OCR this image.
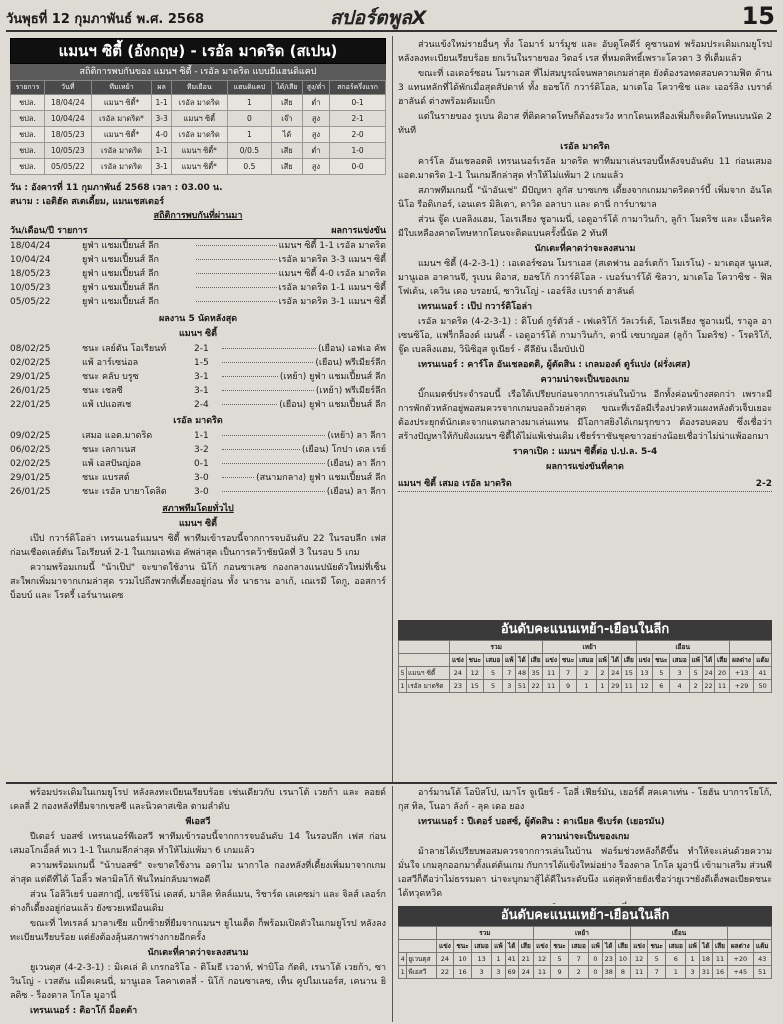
วันพุธที่ 12 กุมภาพันธ์ พ.ศ. 2568	สปอร์ตพูลX	15
แมนฯ ซิตี้ (อังกฤษ) - เรอัล มาดริด (สเปน)
สถิติการพบกันของ แมนฯ ซิตี้ - เรอัล มาดริด แบบมีแฮนดิแคป
รายการ	วันที่	ทีมเหย้า	ผล	ทีมเยือน	แฮนดิแคป	ได้/เสีย	สูง/ต่ำ	สกอร์ครึ่งแรก
ชปล.	18/04/24	แมนฯ ซิตี้*	1-1	เรอัล มาดริด	1	เสีย	ต่ำ	0-1
ชปล.	10/04/24	เรอัล มาดริด*	3-3	แมนฯ ซิตี้	0	เจ๊า	สูง	2-1
ชปล.	18/05/23	แมนฯ ซิตี้*	4-0	เรอัล มาดริด	1	ได้	สูง	2-0
ชปล.	10/05/23	เรอัล มาดริด	1-1	แมนฯ ซิตี้*	0/0.5	เสีย	ต่ำ	1-0
ชปล.	05/05/22	เรอัล มาดริด	3-1	แมนฯ ซิตี้*	0.5	เสีย	สูง	0-0
วัน : อังคารที่ 11 กุมภาพันธ์ 2568 เวลา : 03.00 น.
สนาม : เอติฮัด สเตเดี้ยม, แมนเชสเตอร์
สถิติการพบกันที่ผ่านมา
วัน/เดือน/ปี รายการ	ผลการแข่งขัน
18/04/24	ยูฟ่า แชมเปี้ยนส์ ลีก	แมนฯ ซิตี้ 1-1 เรอัล มาดริด
10/04/24	ยูฟ่า แชมเปี้ยนส์ ลีก	เรอัล มาดริด 3-3 แมนฯ ซิตี้
18/05/23	ยูฟ่า แชมเปี้ยนส์ ลีก	แมนฯ ซิตี้ 4-0 เรอัล มาดริด
10/05/23	ยูฟ่า แชมเปี้ยนส์ ลีก	เรอัล มาดริด 1-1 แมนฯ ซิตี้
05/05/22	ยูฟ่า แชมเปี้ยนส์ ลีก	เรอัล มาดริด 3-1 แมนฯ ซิตี้
ผลงาน 5 นัดหลังสุด
แมนฯ ซิตี้
08/02/25	ชนะ เลย์ตัน โอเรียนท์	2-1	(เยือน) เอฟเอ คัพ
02/02/25	แพ้ อาร์เซน่อล	1-5	(เยือน) พรีเมียร์ลีก
29/01/25	ชนะ คลับ บรูซ	3-1	(เหย้า) ยูฟ่า แชมเปี้ยนส์ ลีก
26/01/25	ชนะ เชลซี	3-1	(เหย้า) พรีเมียร์ลีก
22/01/25	แพ้ เปแอสเช	2-4	(เยือน) ยูฟ่า แชมเปี้ยนส์ ลีก
เรอัล มาดริด
09/02/25	เสมอ แอต.มาดริด	1-1	(เหย้า) ลา ลีกา
06/02/25	ชนะ เลกาเนส	3-2	(เยือน) โกปา เดล เรย์
02/02/25	แพ้ เอสปันญ่อล	0-1	(เยือน) ลา ลีกา
29/01/25	ชนะ แบรสต์	3-0	(สนามกลาง) ยูฟ่า แชมเปี้ยนส์ ลีก
26/01/25	ชนะ เรอัล บายาโดลิด	3-0	(เยือน) ลา ลีกา
สภาพทีมโดยทั่วไป
แมนฯ ซิตี้

เป๊ป กวาร์ดิโอล่า เทรนเนอร์แมนฯ ซิตี้ พาทีมเข้ารอบนี้จากการจบอันดับ 22 ในรอบลีก เฟส ก่อนเชือดเลย์ตัน โอเรียนท์ 2-1 ในเกมเอฟเอ คัพล่าสุด เป็นการคว้าชัยนัดที่ 3 ในรอบ 5 เกม

ความพร้อมเกมนี้ "น้าเป๊ป" จะขาดใช้งาน นิโก้ กอนซาเลซ กองกลางแนปนัยตัวใหม่ที่เซ็นสะใพกเพิ่มมาจากเกมล่าสุด รวมไปถึงพวกที่เดี้ยงอยู่ก่อน ทั้ง นาธาน อาเก้, เณเรมี โดกู, ออสการ์ บ็อบบ์ และ โรดรี้ เอร์นานเดซ

ส่วนแข้งใหม่รายอื่นๆ ทั้ง โอมาร์ มาร์มูช และ อับดูโคดีร์ คูซานอฟ พร้อมประเดิมเกมยูโรป หลังลงทะเบียนเรียบร้อย ยกเว้นในรายของ วิตอร์ เรส ที่หมดสิทธิ์เพราะโควตา 3 ที่เต็มแล้ว

ขณะที่ เอเดอร์ซอน โมราเอส ที่ไม่สมบูรณ์จนพลาดเกมล่าสุด ยังต้องรอทดสอบความฟิต ด้าน 3 แทนหลักที่ได้พักเมื่อสุดสัปดาห์ ทั้ง ยอชโก้ กวาร์ดิโอล, มาเตโอ โควาซิช และ เออร์ลิง เบราต์ ฮาลันด์ ต่างพร้อมคัมแบ็ก

แต่ในรายของ รูเบน ดิอาส ที่ติดคาดโทษก็ต้องระวัง หากโดนเหลืองเพิ่มก็จะติดโทษแบนนัด 2 ทันที

เรอัล มาดริด

คาร์โล อันเชลอตติ เทรนเนอร์เรอัล มาดริด พาทีมมาเล่นรอบนี้หลังจบอันดับ 11 ก่อนเสมอแอต.มาดริด 1-1 ในเกมลีกล่าสุด ทำให้ไม่แพ้มา 2 เกมแล้ว

สภาพทีมเกมนี้ "น้าอันเช่" มีปัญหา ลูกัส บาซเกซ เดี้ยงจากเกมมาดริดดาร์บี้ เพิ่มจาก อันโตนิโอ รือดิเกอร์, เอนเดร มิลิเตา, ดาวิด อลาบา และ ดานี่ การ์บาฆาล

ส่วน จู๊ด เบลลิงแฮม, โอเรเลียง ชูอาเมนี่, เอดูอาร์โด้ กามาวินก้า, ลูก้า โมดริช และ เอ็นดริค มีใบเหลืองคาดโทษหากโดนจะติดแบนครั้งนี้นัด 2 ทันที

นักเตะที่คาดว่าจะลงสนาม

แมนฯ ซิตี้ (4-2-3-1) : เอเดอร์ซอน โมราเอส (สเตฟาน ออร์เตก้า โมเรโน) - มาเตอุส นูเนส, มานูเอล อาคานจี, รูเบน ดิอาส, ยอชโก้ กวาร์ดิโอล - เบอร์นาร์โด้ ซิลวา, มาเตโอ โควาซิช - ฟิล โฟเด้น, เควิน เดอ บรอยน์, ซาวินโญ่ - เออร์ลิง เบราต์ ฮาลันด์

เทรนเนอร์ : เป๊ป กวาร์ดิโอล่า

เรอัล มาดริด (4-2-3-1) : ติโบต์ กูร์ตัวส์ - เฟเดริโก้ วัลเวร์เด้, โอเรเลียง ชูอาเมนี่, ราอูล อาเซนซิโอ, แฟร็กล็องด์ เมนดี้ - เอดูอาร์โด้ กามาวินก้า, ดานี่ เซบาญอส (ลูก้า โมดริช) - โรดริโก้, จู๊ด เบลลิงแฮม, วินิซิอุส จูเนียร์ - คีลียัน เอ็มบัปเป้

เทรนเนอร์ : คาร์โล อันเชลอตติ, ผู้ตัดสิน : เกลมองต์ ตูร์แปง (ฝรั่งเศส)

ความน่าจะเป็นของเกม

บิ๊กแมตช์ประจำรอบนี้ เรือใต้เปรียบก่อนจากการเล่นในบ้าน อีกทั้งค่อนข้างสดกว่า เพราะมีการพักตัวหลักอยู่พอสมควรจากเกมบอลถ้วยล่าสุด ขณะที่เรอัลมีเรื่องปวดหัวแผงหลังตัวเจ็บเยอะต้องประยุกต์นักเตะจากแดนกลางมาเล่นแทน มีโอกาสยิงได้เกมรุกขาว ต้องรอบคอบ ซึ่งเชื่อว่าสร้างปัญหาให้กับฝั่งแมนฯ ซิตี้ได้ไม่แพ้เช่นเดิม เชียร์ราชันชุดขาวอย่างน้อยเชื่อว่าไม่น่าแพ้ออกมา

ราคาเปิด : แมนฯ ซิตี้ต่อ ป.ป.ล. 5-4
ผลการแข่งขันที่คาด
แมนฯ ซิตี้ เสมอ เรอัล มาดริด	2-2
อันดับคะแนนเหย้า-เยือนในลีก
		รวม						เหย้า						เยือน							
		แข่ง	ชนะ	เสมอ	แพ้	ได้	เสีย	แข่ง	ชนะ	เสมอ	แพ้	ได้	เสีย	แข่ง	ชนะ	เสมอ	แพ้	ได้	เสีย	ผลต่าง	แต้ม
5	แมนฯ ซิตี้	24	12	5	7	48	35	11	7	2	2	24	15	13	5	3	5	24	20	+13	41
1	เรอัล มาดริด	23	15	5	3	51	22	11	9	1	1	29	11	12	6	4	2	22	11	+29	50

พร้อมประเดิมในเกมยูโรป หลังลงทะเบียนเรียบร้อย เช่นเดียวกับ เรนาโต้ เวยก้า และ ลอยด์ เคลลี่ 2 กองหลังที่ยืมจากเชลซี และนิวคาสเซิล ตามลำดับ

พีเอสวี

ปีเตอร์ บอสซ์ เทรนเนอร์พีเอสวี พาทีมเข้ารอบนี้จากการจบอันดับ 14 ในรอบลีก เฟส ก่อนเสมอโกเอิ้ลส์ ทเว 1-1 ในเกมลีกล่าสุด ทำให้ไม่แพ้มา 6 เกมแล้ว

ความพร้อมเกมนี้ "น้าบอสซ์" จะขาดใช้งาน อดาไม นากาไล กองหลังที่เดี้ยงเพิ่มมาจากเกมล่าสุด แต่ดีที่ได้ โอลิ้ว ฟลามิลโก้ ฟันใหม่กลับมาพอดี

ส่วน โอลิวิเยร์ บอสกาญี่, แซร์จิโน่ เดสต์, มาลิค ทิลล์แมน, ริชาร์ด เลเดซม่า และ จิลส์ เลอร์ก ต่างก็เดี้ยงอยู่ก่อนแล้ว ยังซวยเหมือนเดิม

ขณะที่ ไทเรลล์ มาลาเซีย แบ็กซ้ายที่ยืมจากแมนฯ ยูไนเต็ด ก็พร้อมเปิดตัวในเกมยูโรป หลังลงทะเบียนเรียบร้อย แต่ยังต้องลุ้นสภาพร่างกายอีกครั้ง

นักเตะที่คาดว่าจะลงสนาม

ยูเวนตุส (4-2-3-1) : มิเคเล่ ดิ เกรกอริโอ - ติโมธี เวอาห์, ฟาบิโอ กัตติ, เรนาโต้ เวยก้า, ซาวินโญ่ - เวสตัน แม็คเคนนี่, มานูเอล โลคาเตลลี่ - นิโก้ กอนซาเลซ, เท็น คูปไมเนอร์ส, เคนาน ยิลดิซ - ร็องดาล โกโล มูอานี่

เทรนเนอร์ : ติอาโก้ ม็อตต้า

อาร์มานโด้ โอบิสโป, เมาโร จูเนียร์ - โอลี่ เฟียร์มัน, เยอร์ดี้ สคเคาเท่น - โยฮัน บาการโยโก้, กุส ทิล, โนอา ลังก์ - ลุค เดอ ยอง

เทรนเนอร์ : ปีเตอร์ บอสซ์, ผู้ตัดสิน : ดาเนียล ซีเบร์ต (เยอรมัน)

ความน่าจะเป็นของเกม

ม้าลายได้เปรียบพอสมควรจากการเล่นในบ้าน ฟอร์มช่วงหลังก็ดีขึ้น ทำให้จะเล่นด้วยความมั่นใจ เกมลุกออกมาตั้งแต่ต้นเกม กับการได้แข้งใหม่อย่าง ร็องดาล โกโล มูอานี่ เข้ามาเสริม ส่วนพีเอสวีก็ดีอว่าไม่ธรรมดา น่าจะบุกมาสู้ได้ดีในระดับนึง แต่สุดท้ายยังเชื่อว่ายูเวฯยังดีเต็งพอเบียดชนะได้หวุดหวิด

อันดับคะแนนเหย้า-เยือนในลีก
		รวม						เหย้า						เยือน							
		แข่ง	ชนะ	เสมอ	แพ้	ได้	เสีย	แข่ง	ชนะ	เสมอ	แพ้	ได้	เสีย	แข่ง	ชนะ	เสมอ	แพ้	ได้	เสีย	ผลต่าง	แต้ม
4	ยูเวนตุส	24	10	13	1	41	21	12	5	7	0	23	10	12	5	6	1	18	11	+20	43
1	พีเอสวี	22	16	3	3	69	24	11	9	2	0	38	8	11	7	1	3	31	16	+45	51
